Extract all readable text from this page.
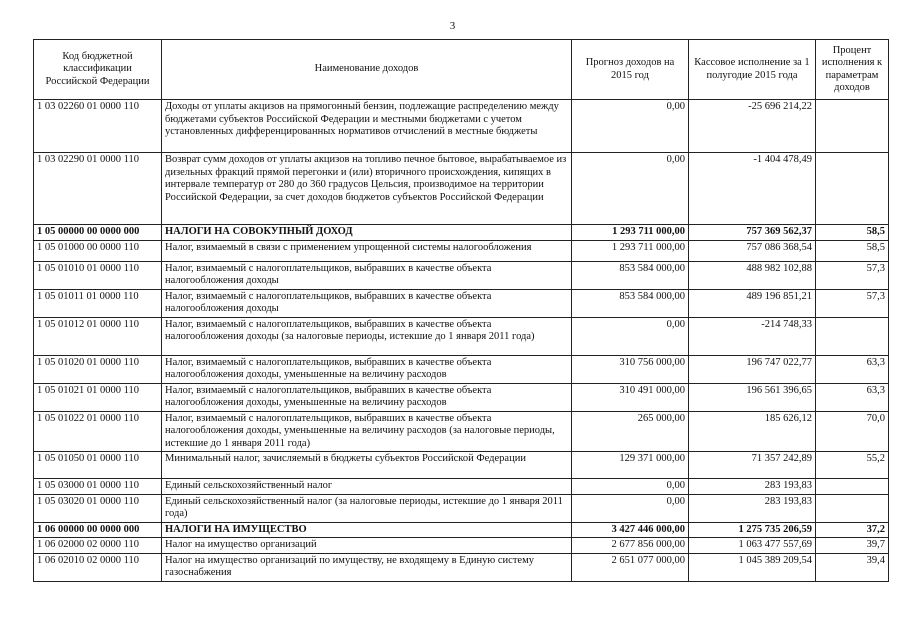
3
Код бюджетной классификации Российской Федерации	Наименование доходов	Прогноз доходов на 2015 год	Кассовое исполнение за 1 полугодие 2015 года	Процент исполнения к параметрам доходов
1 03 02260 01 0000 110	Доходы от уплаты акцизов на прямогонный бензин, подлежащие распределению между бюджетами субъектов Российской Федерации и местными бюджетами с учетом установленных дифференцированных нормативов отчислений в местные бюджеты	0,00	-25 696 214,22	
1 03 02290 01 0000 110	Возврат сумм доходов от уплаты акцизов на топливо печное бытовое, вырабатываемое из дизельных фракций прямой перегонки и (или) вторичного происхождения, кипящих в интервале температур от 280 до 360 градусов Цельсия, производимое на территории Российской Федерации, за счет доходов бюджетов субъектов Российской Федерации	0,00	-1 404 478,49	
1 05 00000 00 0000 000	НАЛОГИ НА СОВОКУПНЫЙ ДОХОД	1 293 711 000,00	757 369 562,37	58,5
1 05 01000 00 0000 110	Налог, взимаемый в связи с применением упрощенной системы налогообложения	1 293 711 000,00	757 086 368,54	58,5
1 05 01010 01 0000 110	Налог, взимаемый с налогоплательщиков, выбравших в качестве объекта налогообложения доходы	853 584 000,00	488 982 102,88	57,3
1 05 01011 01 0000 110	Налог, взимаемый с налогоплательщиков, выбравших в качестве объекта налогообложения доходы	853 584 000,00	489 196 851,21	57,3
1 05 01012 01 0000 110	Налог, взимаемый с налогоплательщиков, выбравших в качестве объекта налогообложения доходы (за налоговые периоды, истекшие до 1 января 2011 года)	0,00	-214 748,33	
1 05 01020 01 0000 110	Налог, взимаемый с налогоплательщиков, выбравших в качестве объекта налогообложения доходы, уменьшенные на величину расходов	310 756 000,00	196 747 022,77	63,3
1 05 01021 01 0000 110	Налог, взимаемый с налогоплательщиков, выбравших в качестве объекта налогообложения доходы, уменьшенные на величину расходов	310 491 000,00	196 561 396,65	63,3
1 05 01022 01 0000 110	Налог, взимаемый с налогоплательщиков, выбравших в качестве объекта налогообложения доходы, уменьшенные на величину расходов (за налоговые периоды, истекшие до 1 января 2011 года)	265 000,00	185 626,12	70,0
1 05 01050 01 0000 110	Минимальный налог, зачисляемый в бюджеты субъектов Российской Федерации	129 371 000,00	71 357 242,89	55,2
1 05 03000 01 0000 110	Единый сельскохозяйственный налог	0,00	283 193,83	
1 05 03020 01 0000 110	Единый сельскохозяйственный налог (за налоговые периоды, истекшие до 1 января 2011 года)	0,00	283 193,83	
1 06 00000 00 0000 000	НАЛОГИ НА ИМУЩЕСТВО	3 427 446 000,00	1 275 735 206,59	37,2
1 06 02000 02 0000 110	Налог на имущество организаций	2 677 856 000,00	1 063 477 557,69	39,7
1 06 02010 02 0000 110	Налог на имущество организаций по имуществу, не входящему в Единую систему газоснабжения	2 651 077 000,00	1 045 389 209,54	39,4
